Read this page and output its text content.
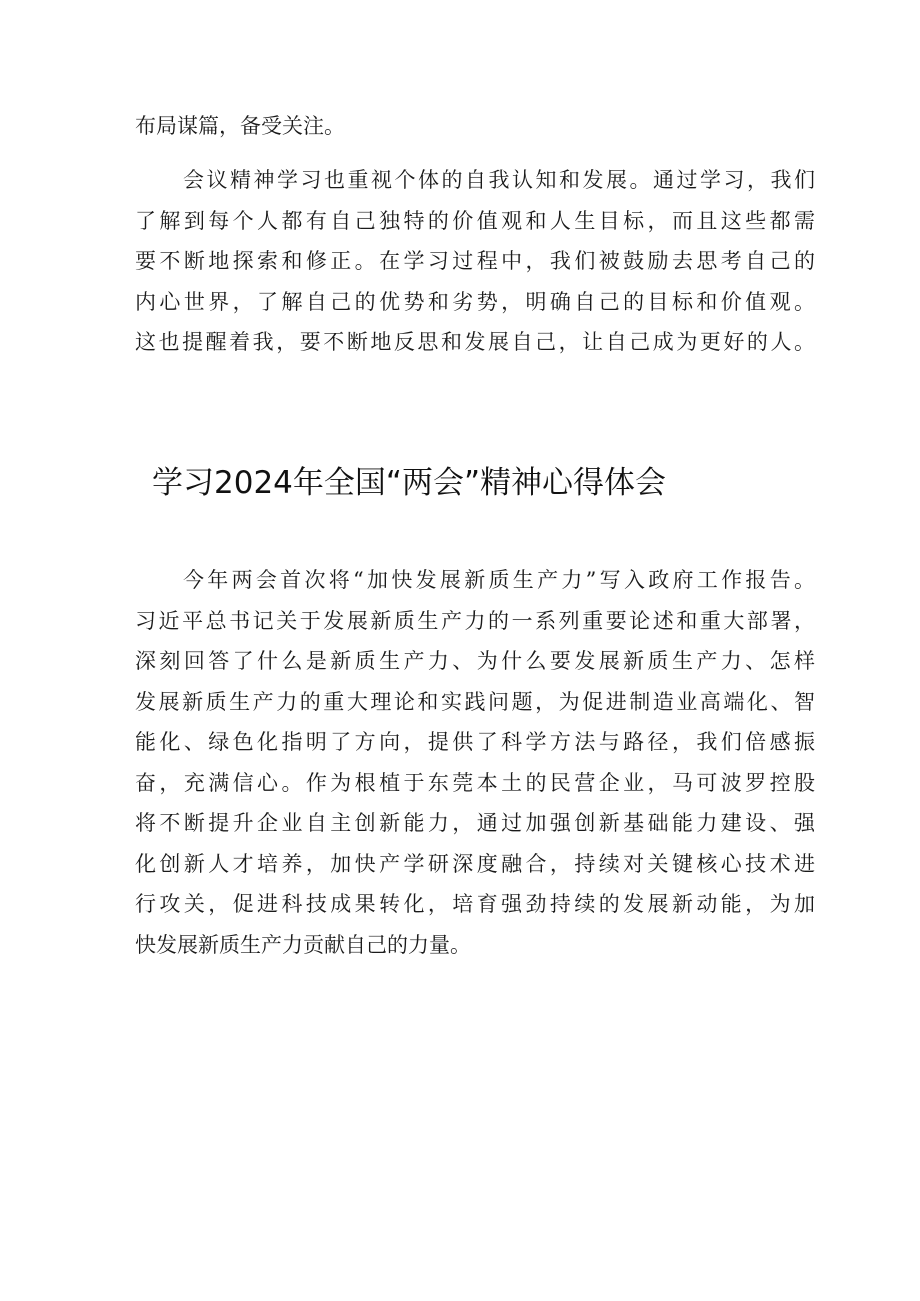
布局谋篇，备受关注。
会议精神学习也重视个体的自我认知和发展。通过学习，我们
了解到每个人都有自己独特的价值观和人生目标，而且这些都需
要不断地探索和修正。在学习过程中，我们被鼓励去思考自己的
内心世界，了解自己的优势和劣势，明确自己的目标和价值观。
这也提醒着我，要不断地反思和发展自己，让自己成为更好的人。
学习2024年全国“两会”精神心得体会
今年两会首次将“加快发展新质生产力”写入政府工作报告。
习近平总书记关于发展新质生产力的一系列重要论述和重大部署，
深刻回答了什么是新质生产力、为什么要发展新质生产力、怎样
发展新质生产力的重大理论和实践问题，为促进制造业高端化、智
能化、绿色化指明了方向，提供了科学方法与路径，我们倍感振
奋，充满信心。作为根植于东莞本土的民营企业，马可波罗控股
将不断提升企业自主创新能力，通过加强创新基础能力建设、强
化创新人才培养，加快产学研深度融合，持续对关键核心技术进
行攻关，促进科技成果转化，培育强劲持续的发展新动能，为加
快发展新质生产力贡献自己的力量。
